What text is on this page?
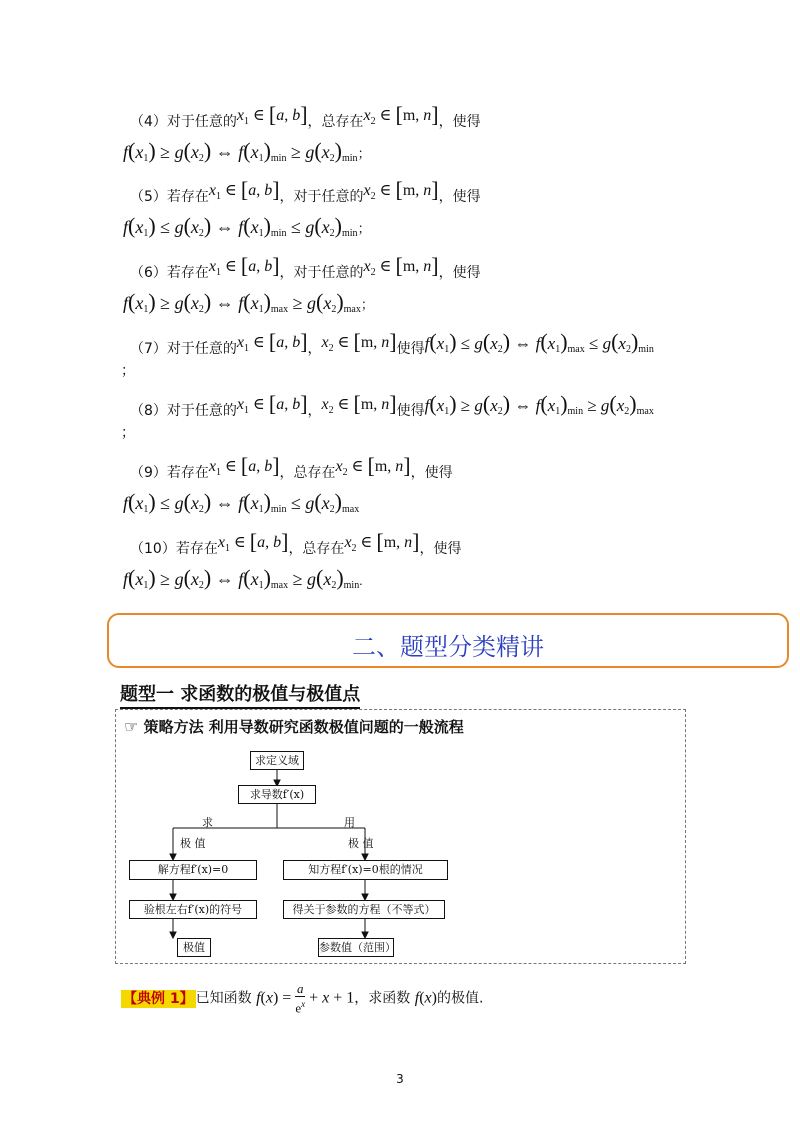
（4）对于任意的$x_1$ ∈ [a, b]，总存在$x_2$ ∈ [m, n]，使得
$f(x_1) \ge g(x_2)$ ⇔ $f(x_1)_{min} \ge g(x_2)_{min}$；
（5）若存在$x_1$ ∈ [a, b]，对于任意的$x_2$ ∈ [m, n]，使得
$f(x_1) \le g(x_2)$ ⇔ $f(x_1)_{min} \le g(x_2)_{min}$；
（6）若存在$x_1$ ∈ [a, b]，对于任意的$x_2$ ∈ [m, n]，使得
$f(x_1) \ge g(x_2)$ ⇔ $f(x_1)_{max} \ge g(x_2)_{max}$；
（7）对于任意的$x_1$ ∈ [a, b]，$x_2$ ∈ [m, n]使得$f(x_1) \le g(x_2)$ ⇔ $f(x_1)_{max} \le g(x_2)_{min}$
；
（8）对于任意的$x_1$ ∈ [a, b]，$x_2$ ∈ [m, n]使得$f(x_1) \ge g(x_2)$ ⇔ $f(x_1)_{min} \ge g(x_2)_{max}$
；
（9）若存在$x_1$ ∈ [a, b]，总存在$x_2$ ∈ [m, n]，使得
$f(x_1) \le g(x_2)$ ⇔ $f(x_1)_{min} \le g(x_2)_{max}$
（10）若存在$x_1$ ∈ [a, b]，总存在$x_2$ ∈ [m, n]，使得
$f(x_1) \ge g(x_2)$ ⇔ $f(x_1)_{max} \ge g(x_2)_{min}$.
二、题型分类精讲
题型一 求函数的极值与极值点
☞ 策略方法 利用导数研究函数极值问题的一般流程
求定义域
求导数f′(x)
求
极 值
用
极 值
解方程f′(x)=0	知方程f′(x)=0根的情况
验根左右f′(x)的符号	得关于参数的方程（不等式）
极值	参数值（范围）
【典例 1】 已知函数 $f(x) = \frac{a}{e^x} + x + 1$，求函数 f(x)的极值.
3
